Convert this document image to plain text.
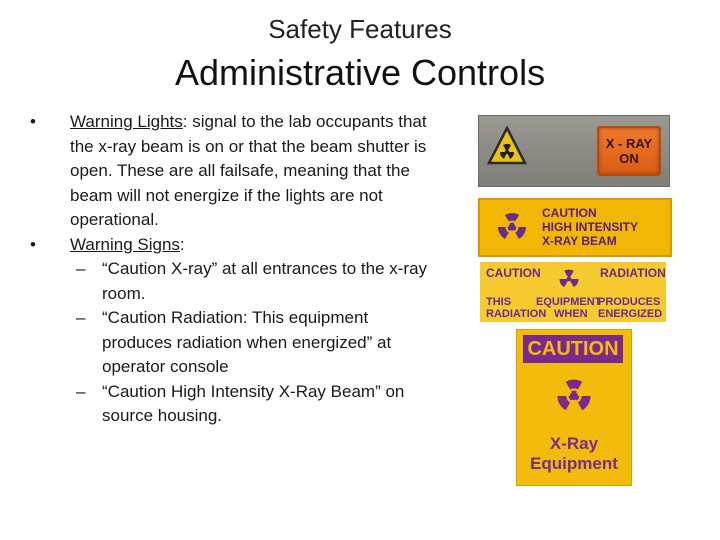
Safety Features
Administrative Controls
• Warning Lights: signal to the lab occupants that the x-ray beam is on or that the beam shutter is open. These are all failsafe, meaning that the beam will not energize if the lights are not operational.
• Warning Signs:
– “Caution X-ray” at all entrances to the x-ray room.
– “Caution Radiation: This equipment produces radiation when energized” at operator console
– “Caution High Intensity X-Ray Beam” on source housing.
X - RAY
ON
CAUTION
HIGH INTENSITY
X-RAY BEAM
CAUTION	RADIATION
THIS EQUIPMENT
PRODUCES
RADIATION WHEN ENERGIZED
CAUTION
X-Ray
Equipment
